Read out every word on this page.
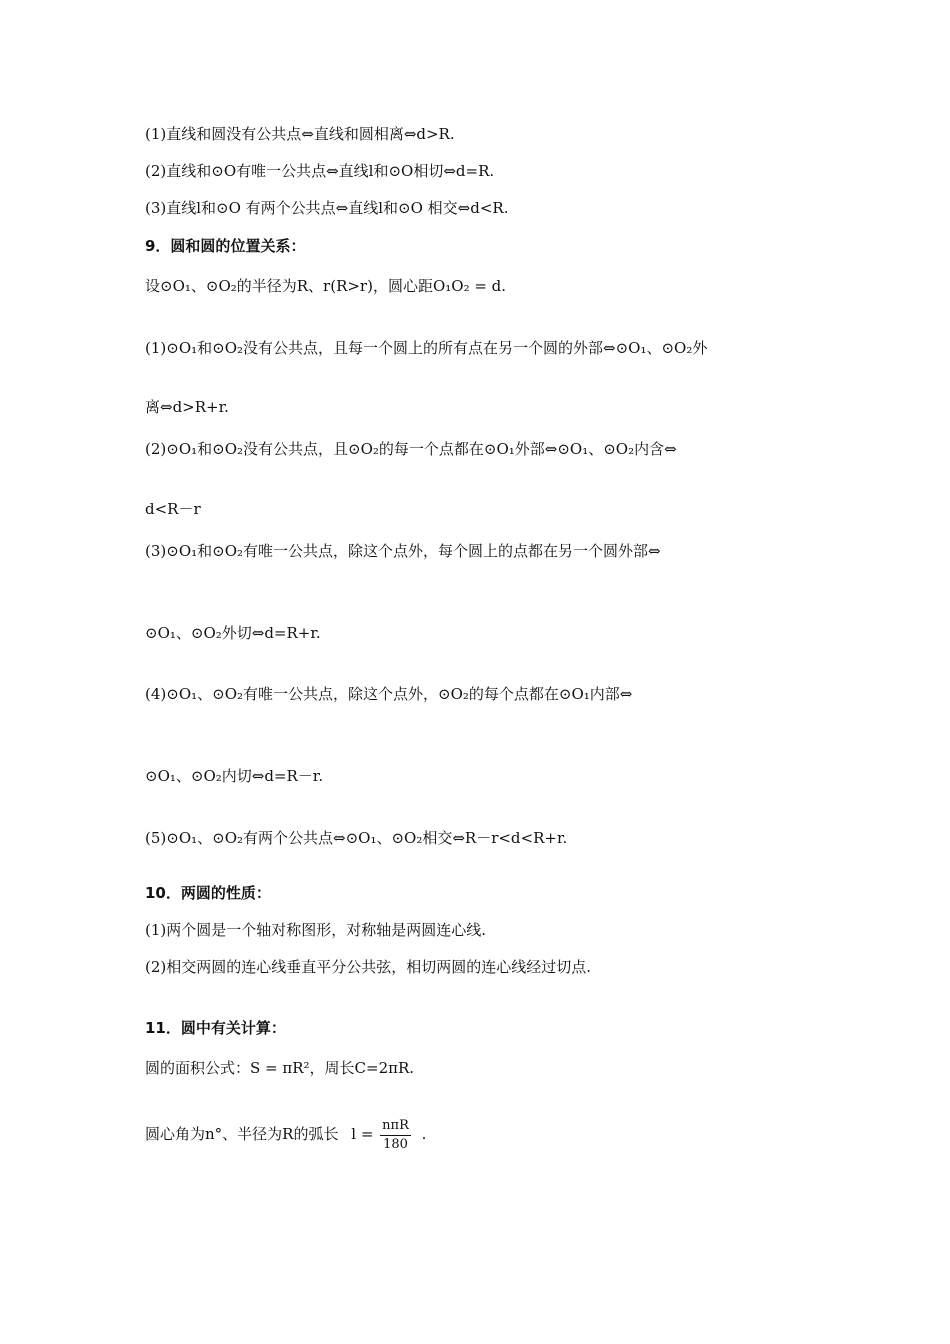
(1)直线和圆没有公共点⇔直线和圆相离⇔d>R.
(2)直线和⊙O有唯一公共点⇔直线l和⊙O相切⇔d=R.
(3)直线l和⊙O 有两个公共点⇔直线l和⊙O 相交⇔d<R.
9．圆和圆的位置关系：
设⊙O₁、⊙O₂的半径为R、r(R>r)，圆心距O₁O₂ = d.
(1)⊙O₁和⊙O₂没有公共点，且每一个圆上的所有点在另一个圆的外部⇔⊙O₁、⊙O₂外
离⇔d>R+r.
(2)⊙O₁和⊙O₂没有公共点，且⊙O₂的每一个点都在⊙O₁外部⇔⊙O₁、⊙O₂内含⇔
d<R－r
(3)⊙O₁和⊙O₂有唯一公共点，除这个点外，每个圆上的点都在另一个圆外部⇔
⊙O₁、⊙O₂外切⇔d=R+r.
(4)⊙O₁、⊙O₂有唯一公共点，除这个点外，⊙O₂的每个点都在⊙O₁内部⇔
⊙O₁、⊙O₂内切⇔d=R－r.
(5)⊙O₁、⊙O₂有两个公共点⇔⊙O₁、⊙O₂相交⇔R－r<d<R+r.
10．两圆的性质：
(1)两个圆是一个轴对称图形，对称轴是两圆连心线.
(2)相交两圆的连心线垂直平分公共弦，相切两圆的连心线经过切点.
11．圆中有关计算：
圆的面积公式：S = πR²，周长C=2πR.
圆心角为n°、半径为R的弧长 $l = \frac{\text{nπR}}{180}$ .
